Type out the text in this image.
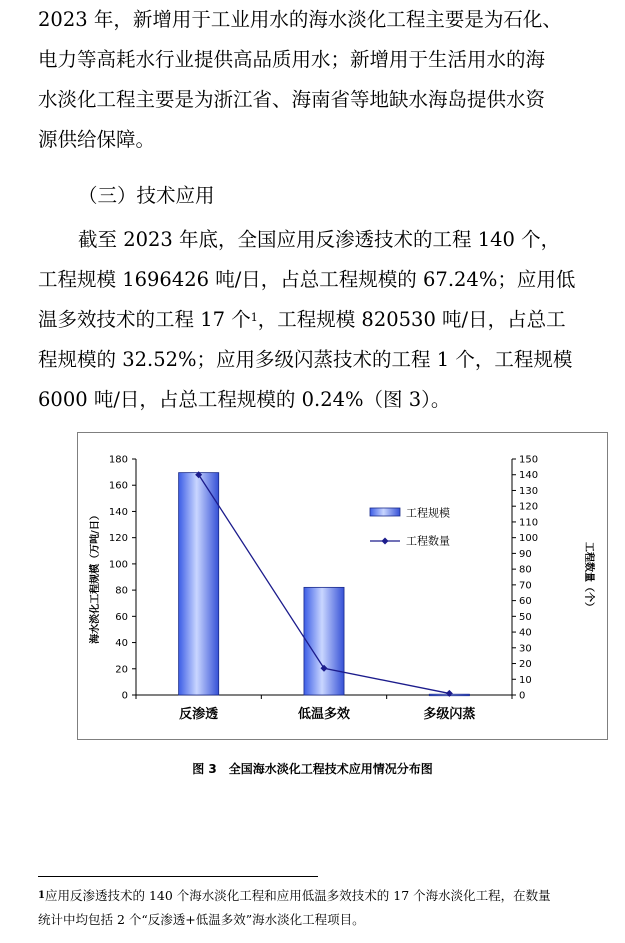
2023 年，新增用于工业用水的海水淡化工程主要是为石化、
电力等高耗水行业提供高品质用水；新增用于生活用水的海
水淡化工程主要是为浙江省、海南省等地缺水海岛提供水资
源供给保障。
（三）技术应用
截至 2023 年底，全国应用反渗透技术的工程 140 个，
工程规模 1696426 吨/日，占总工程规模的 67.24%；应用低
温多效技术的工程 17 个$^1$，工程规模 820530 吨/日，占总工
程规模的 32.52%；应用多级闪蒸技术的工程 1 个，工程规模
6000 吨/日，占总工程规模的 0.24%（图 3）。
0
20
40
60
80
100
120
140
160
180
0
10
20
30
40
50
60
70
80
90
100
110
120
130
140
150
反渗透	低温多效	多级闪蒸
海水淡化工程规模（万吨/日）	工程数量（个）
工程规模
工程数量
图 3　全国海水淡化工程技术应用情况分布图
$^1$应用反渗透技术的 140 个海水淡化工程和应用低温多效技术的 17 个海水淡化工程，在数量
统计中均包括 2 个“反渗透+低温多效”海水淡化工程项目。
